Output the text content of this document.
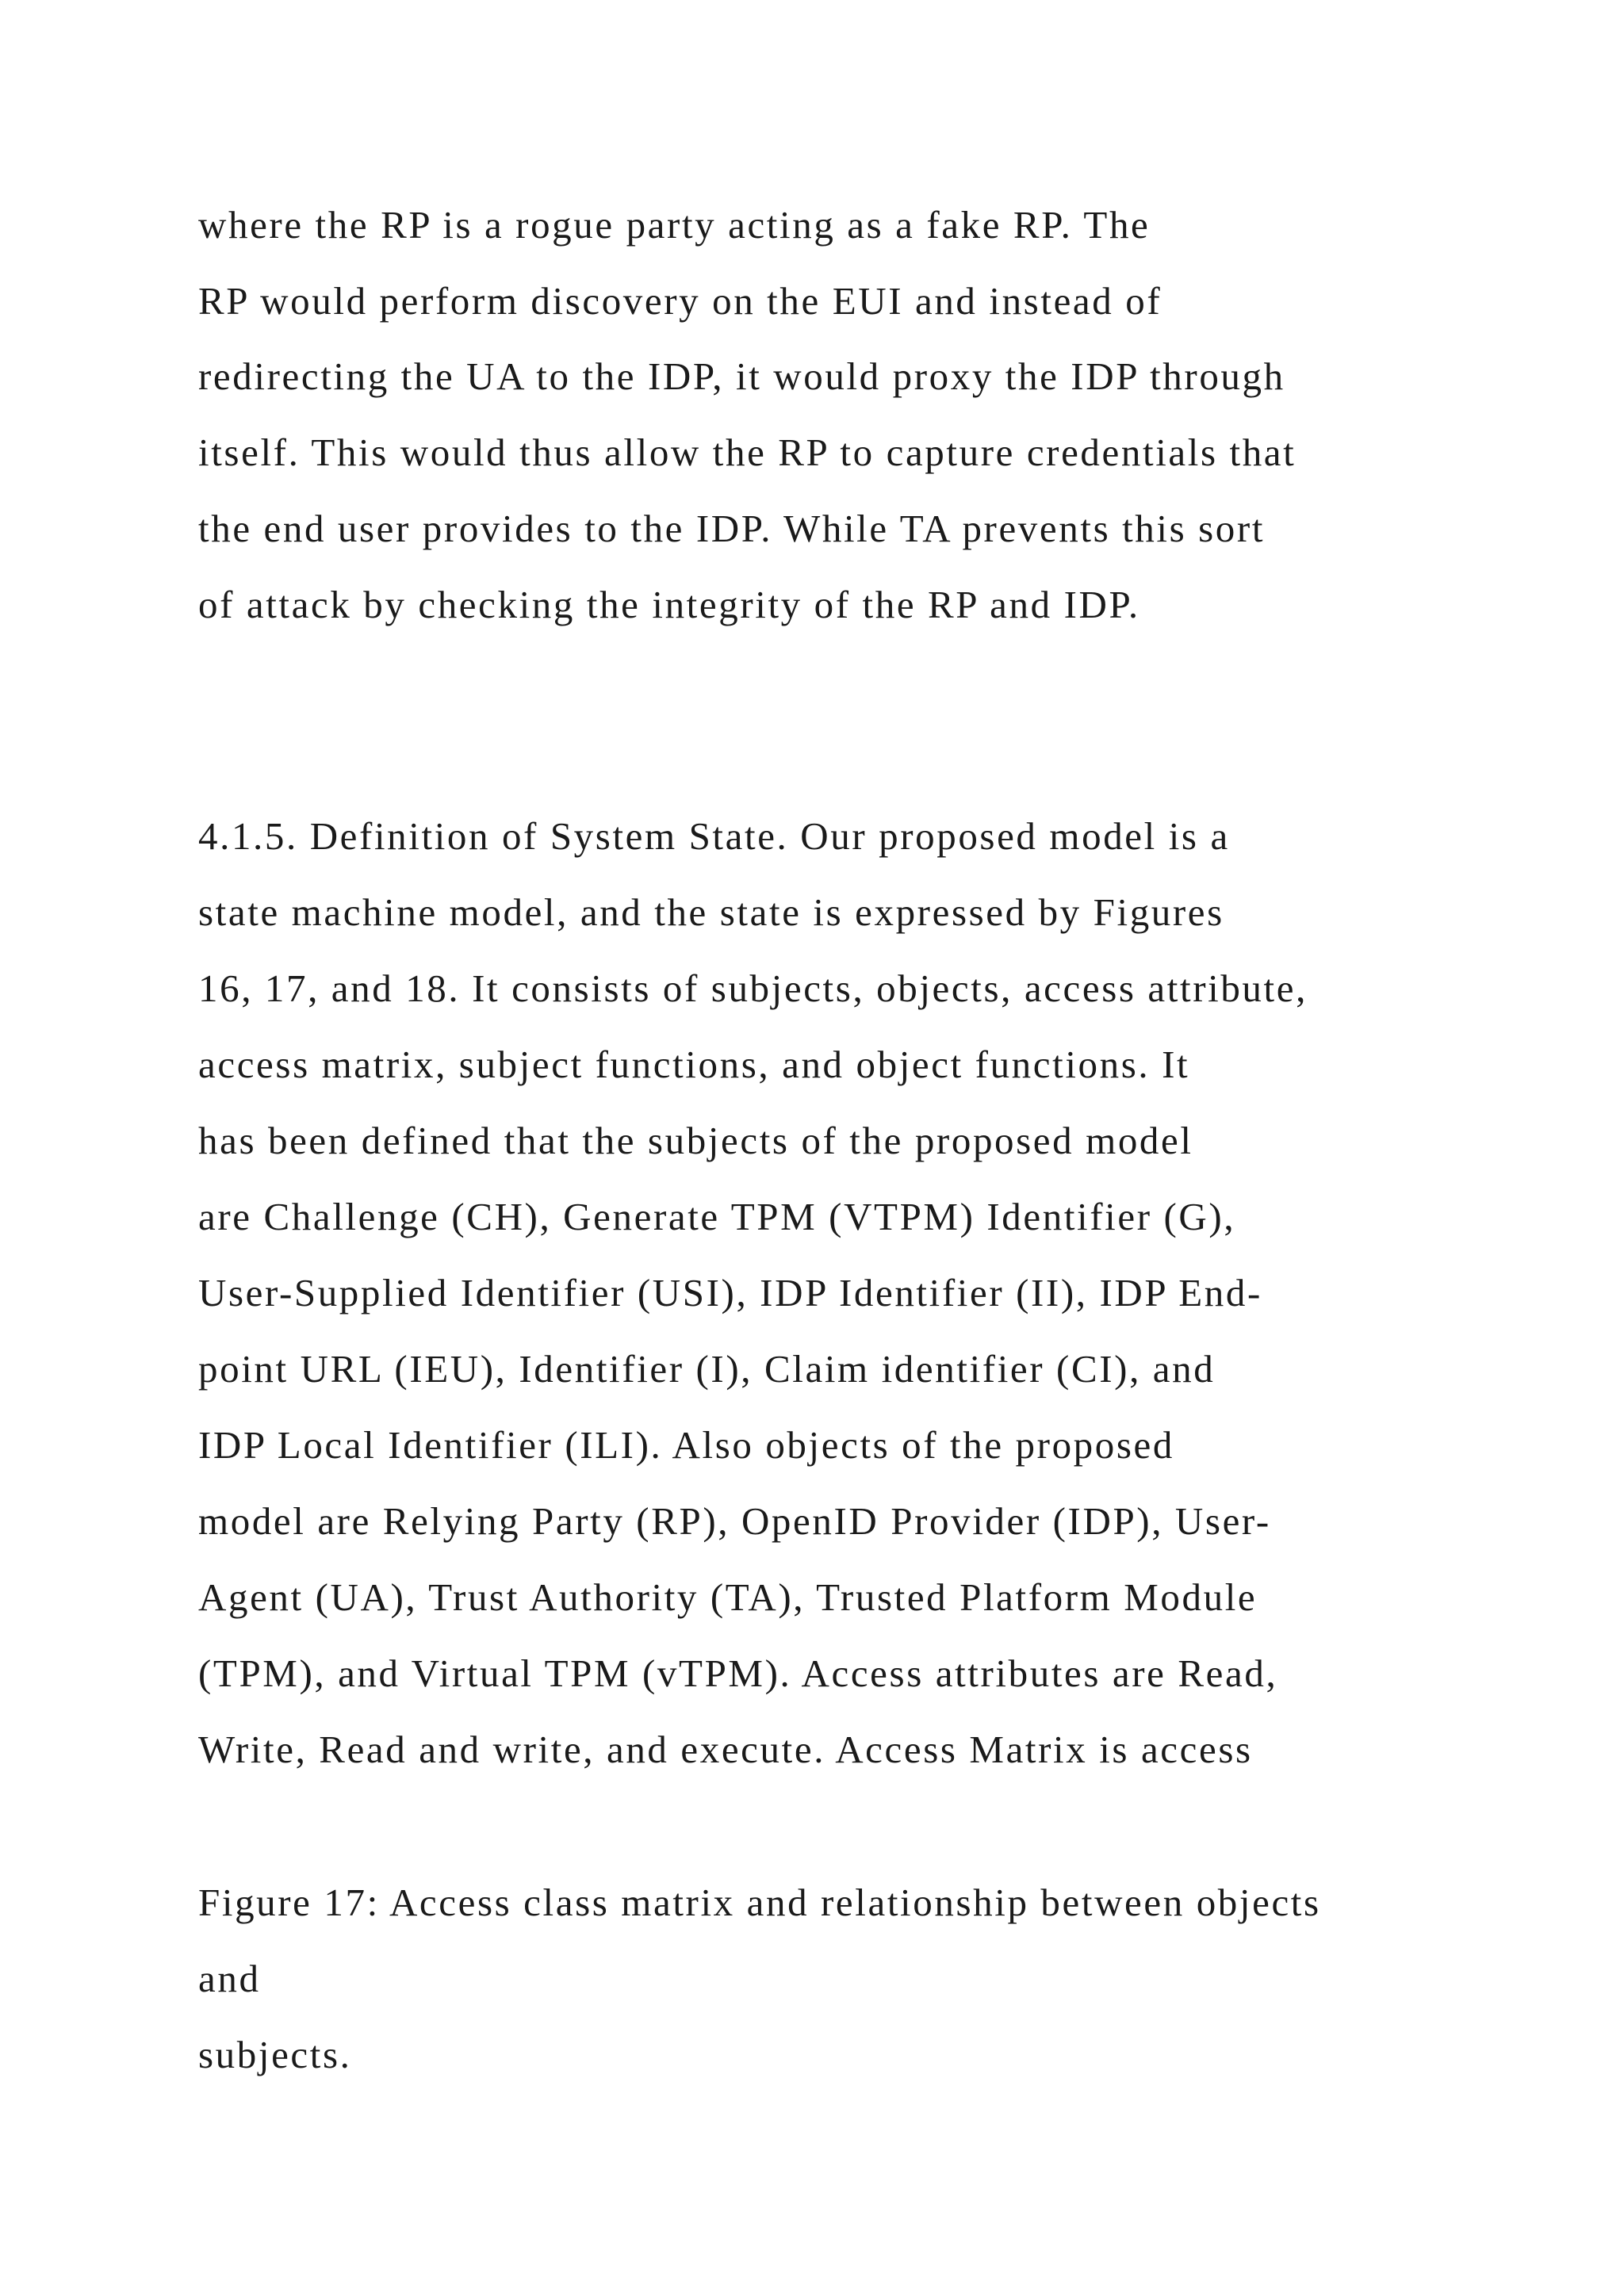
where the RP is a rogue party acting as a fake RP. The
RP would perform discovery on the EUI and instead of
redirecting the UA to the IDP, it would proxy the IDP through
itself. This would thus allow the RP to capture credentials that
the end user provides to the IDP. While TA prevents this sort
of attack by checking the integrity of the RP and IDP.
4.1.5. Definition of System State. Our proposed model is a
state machine model, and the state is expressed by Figures
16, 17, and 18. It consists of subjects, objects, access attribute,
access matrix, subject functions, and object functions. It
has been defined that the subjects of the proposed model
are Challenge (CH), Generate TPM (VTPM) Identifier (G),
User-Supplied Identifier (USI), IDP Identifier (II), IDP End-
point URL (IEU), Identifier (I), Claim identifier (CI), and
IDP Local Identifier (ILI). Also objects of the proposed
model are Relying Party (RP), OpenID Provider (IDP), User-
Agent (UA), Trust Authority (TA), Trusted Platform Module
(TPM), and Virtual TPM (vTPM). Access attributes are Read,
Write, Read and write, and execute. Access Matrix is access
Figure 17: Access class matrix and relationship between objects
and
subjects.
